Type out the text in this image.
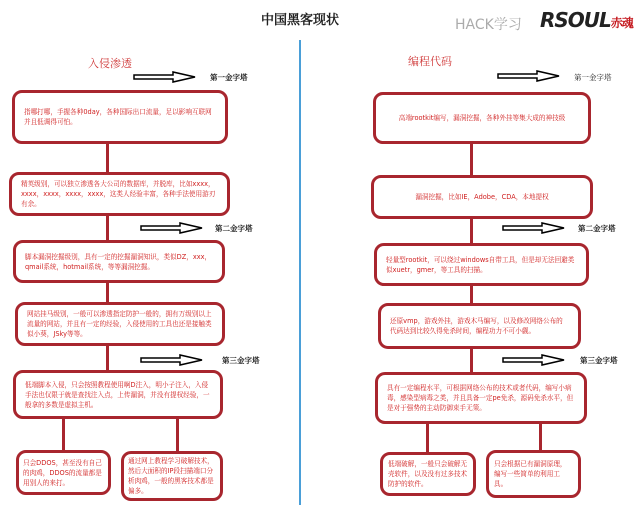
中国黑客现状
入侵渗透
第一金字塔
指哪打哪，手握各种0day，各种国际出口流量，足以影响互联网并且低调得可怕。
精英级别，可以独立渗透各大公司的数据库，并脱库，比如xxxx，xxxx，xxxx，xxxx，xxxx，这类人经验丰富，各种手法使用游刃有余。
第二金字塔
脚本漏洞挖掘级别，具有一定的挖掘漏洞知识，类似DZ，xxx，qmail系统，hotmail系统，等等漏洞挖掘。
网站挂马级别，一般可以渗透指定防护一般的，拥有万级别以上流量的网站，并且有一定的经验，入侵使用的工具也还是接触类似小葵，JSky等等。
第三金字塔
低端脚本入侵，只会按照教程使用啊D注入，明小子注入，入侵手法也仅限于就是查找注入点，上传漏洞，并没有提权经验，一般拿的多数是虚拟主机。
只会DDOS，甚至没有自己的肉鸡，DDOS的流量都是用别人的来打。
通过网上教程学习破解技术，然后大面积的IP段扫描端口分析肉鸡，一般的黑客技术都是偏多。
编程代码
第一金字塔
高端rootkit编写，漏洞挖掘，各种外挂等集大成的神技级
漏洞挖掘，比如IE，Adobe，CDA，本地提权
第二金字塔
轻量型rootkit，可以绕过windows自带工具，但是却无法回避类似xuetr，gmer，等工具的扫描。
还原vmp，游戏外挂，游戏木马编写，以及修改网络公布的代码达到比较久得免杀时间，编程功力不可小觑。
第三金字塔
具有一定编程水平，可根据网络公布的技术或者代码，编写小病毒，感染型病毒之类，并且具备一定pe免杀，源码免杀水平，但是对于强势的主动防御束手无策。
低端破解，一般只会破解无壳软件，以及没有过多技术防护的软件。
只会根据已有漏洞原理，编写一些简单的利用工具。
HACK学习 RSOUL赤魂
